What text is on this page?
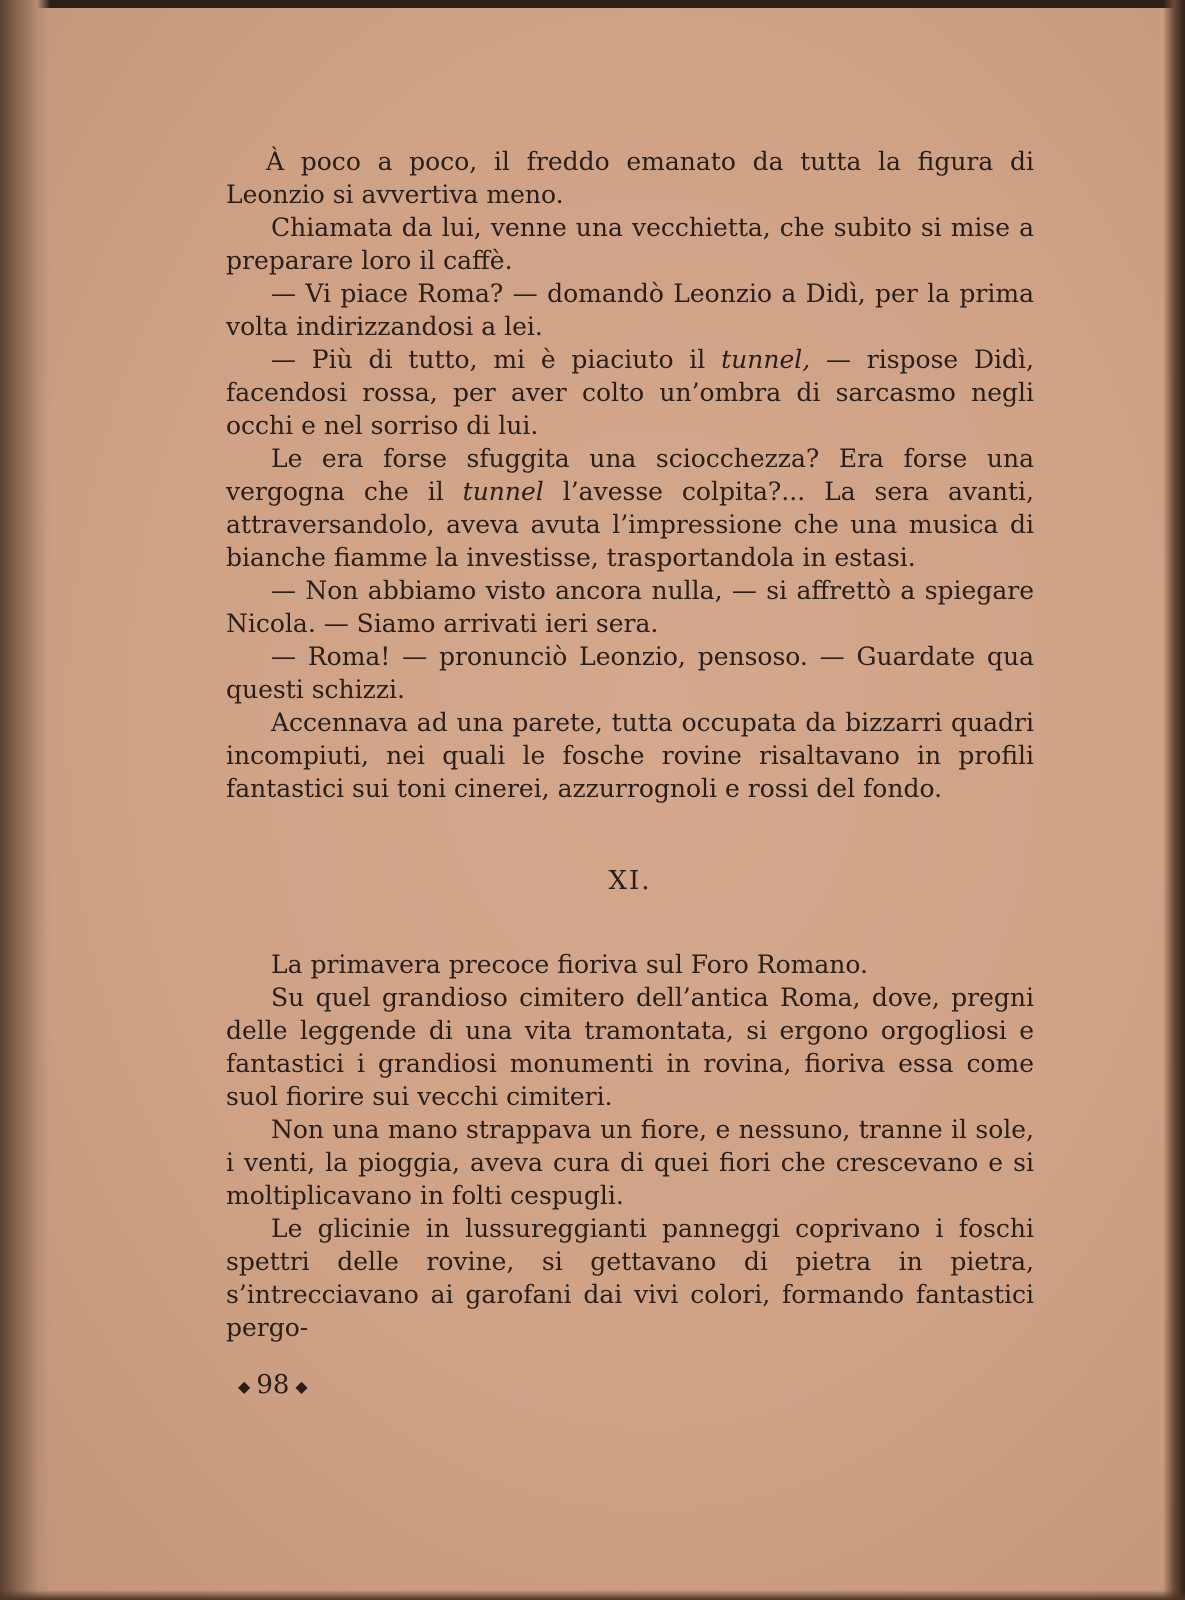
À poco a poco, il freddo emanato da tutta la figura di Leonzio si avvertiva meno.

Chiamata da lui, venne una vecchietta, che subito si mise a preparare loro il caffè.

— Vi piace Roma? — domandò Leonzio a Didì, per la prima volta indirizzandosi a lei.

— Più di tutto, mi è piaciuto il tunnel, — rispose Didì, facendosi rossa, per aver colto un’ombra di sarcasmo negli occhi e nel sorriso di lui.

Le era forse sfuggita una sciocchezza? Era forse una vergogna che il tunnel l’avesse colpita?... La sera avanti, attraversandolo, aveva avuta l’impressione che una musica di bianche fiamme la investisse, trasportandola in estasi.

— Non abbiamo visto ancora nulla, — si affrettò a spiegare Nicola. — Siamo arrivati ieri sera.

— Roma! — pronunciò Leonzio, pensoso. — Guardate qua questi schizzi.

Accennava ad una parete, tutta occupata da bizzarri quadri incompiuti, nei quali le fosche rovine risaltavano in profili fantastici sui toni cinerei, azzurrognoli e rossi del fondo.

XI.

La primavera precoce fioriva sul Foro Romano.

Su quel grandioso cimitero dell’antica Roma, dove, pregni delle leggende di una vita tramontata, si ergono orgogliosi e fantastici i grandiosi monumenti in rovina, fioriva essa come suol fiorire sui vecchi cimiteri.

Non una mano strappava un fiore, e nessuno, tranne il sole, i venti, la pioggia, aveva cura di quei fiori che crescevano e si moltiplicavano in folti cespugli.

Le glicinie in lussureggianti panneggi coprivano i foschi spettri delle rovine, si gettavano di pietra in pietra, s’intrecciavano ai garofani dai vivi colori, formando fantastici pergo-

◆ 98 ◆
